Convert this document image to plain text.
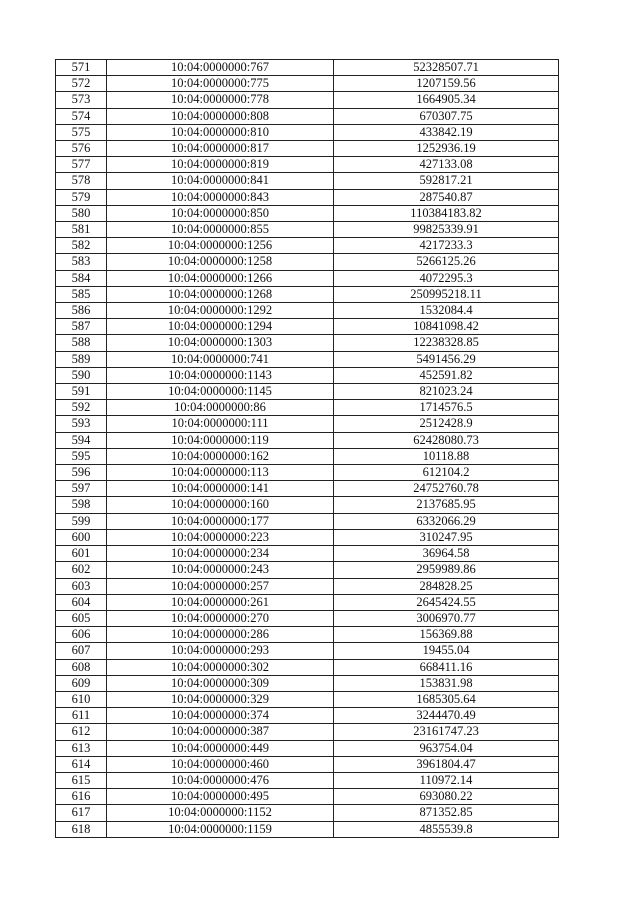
571	10:04:0000000:767	52328507.71
572	10:04:0000000:775	1207159.56
573	10:04:0000000:778	1664905.34
574	10:04:0000000:808	670307.75
575	10:04:0000000:810	433842.19
576	10:04:0000000:817	1252936.19
577	10:04:0000000:819	427133.08
578	10:04:0000000:841	592817.21
579	10:04:0000000:843	287540.87
580	10:04:0000000:850	110384183.82
581	10:04:0000000:855	99825339.91
582	10:04:0000000:1256	4217233.3
583	10:04:0000000:1258	5266125.26
584	10:04:0000000:1266	4072295.3
585	10:04:0000000:1268	250995218.11
586	10:04:0000000:1292	1532084.4
587	10:04:0000000:1294	10841098.42
588	10:04:0000000:1303	12238328.85
589	10:04:0000000:741	5491456.29
590	10:04:0000000:1143	452591.82
591	10:04:0000000:1145	821023.24
592	10:04:0000000:86	1714576.5
593	10:04:0000000:111	2512428.9
594	10:04:0000000:119	62428080.73
595	10:04:0000000:162	10118.88
596	10:04:0000000:113	612104.2
597	10:04:0000000:141	24752760.78
598	10:04:0000000:160	2137685.95
599	10:04:0000000:177	6332066.29
600	10:04:0000000:223	310247.95
601	10:04:0000000:234	36964.58
602	10:04:0000000:243	2959989.86
603	10:04:0000000:257	284828.25
604	10:04:0000000:261	2645424.55
605	10:04:0000000:270	3006970.77
606	10:04:0000000:286	156369.88
607	10:04:0000000:293	19455.04
608	10:04:0000000:302	668411.16
609	10:04:0000000:309	153831.98
610	10:04:0000000:329	1685305.64
611	10:04:0000000:374	3244470.49
612	10:04:0000000:387	23161747.23
613	10:04:0000000:449	963754.04
614	10:04:0000000:460	3961804.47
615	10:04:0000000:476	110972.14
616	10:04:0000000:495	693080.22
617	10:04:0000000:1152	871352.85
618	10:04:0000000:1159	4855539.8
